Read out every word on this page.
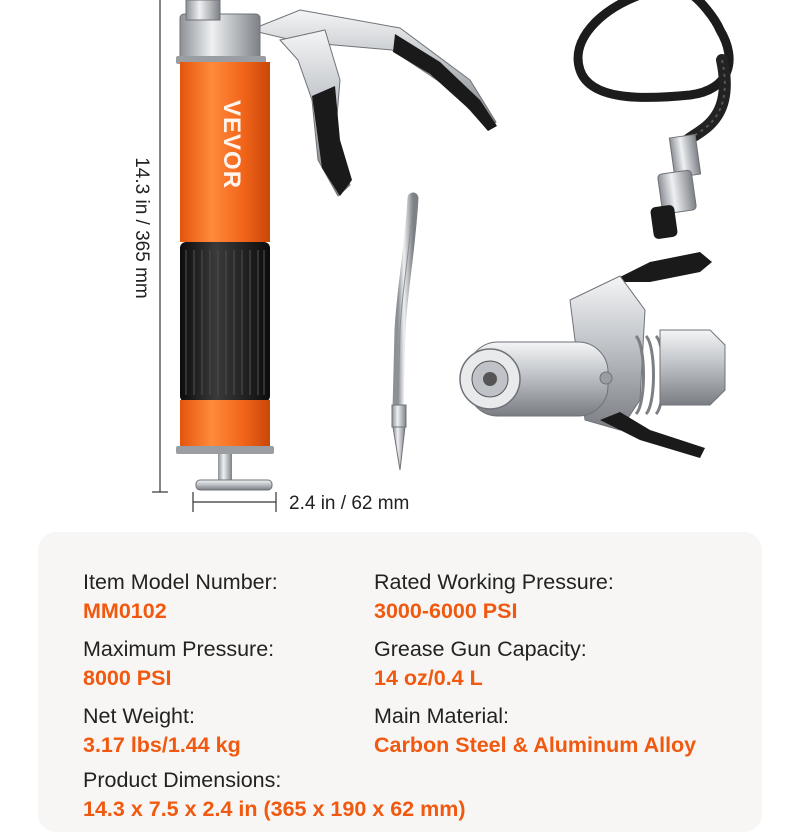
14.3 in / 365 mm
2.4 in / 62 mm
VEVOR
Item Model Number:
MM0102
Rated Working Pressure:
3000-6000 PSI
Maximum Pressure:
8000 PSI
Grease Gun Capacity:
14 oz/0.4 L
Net Weight:
3.17 lbs/1.44 kg
Main Material:
Carbon Steel & Aluminum Alloy
Product Dimensions:
14.3 x 7.5 x 2.4 in (365 x 190 x 62 mm)
